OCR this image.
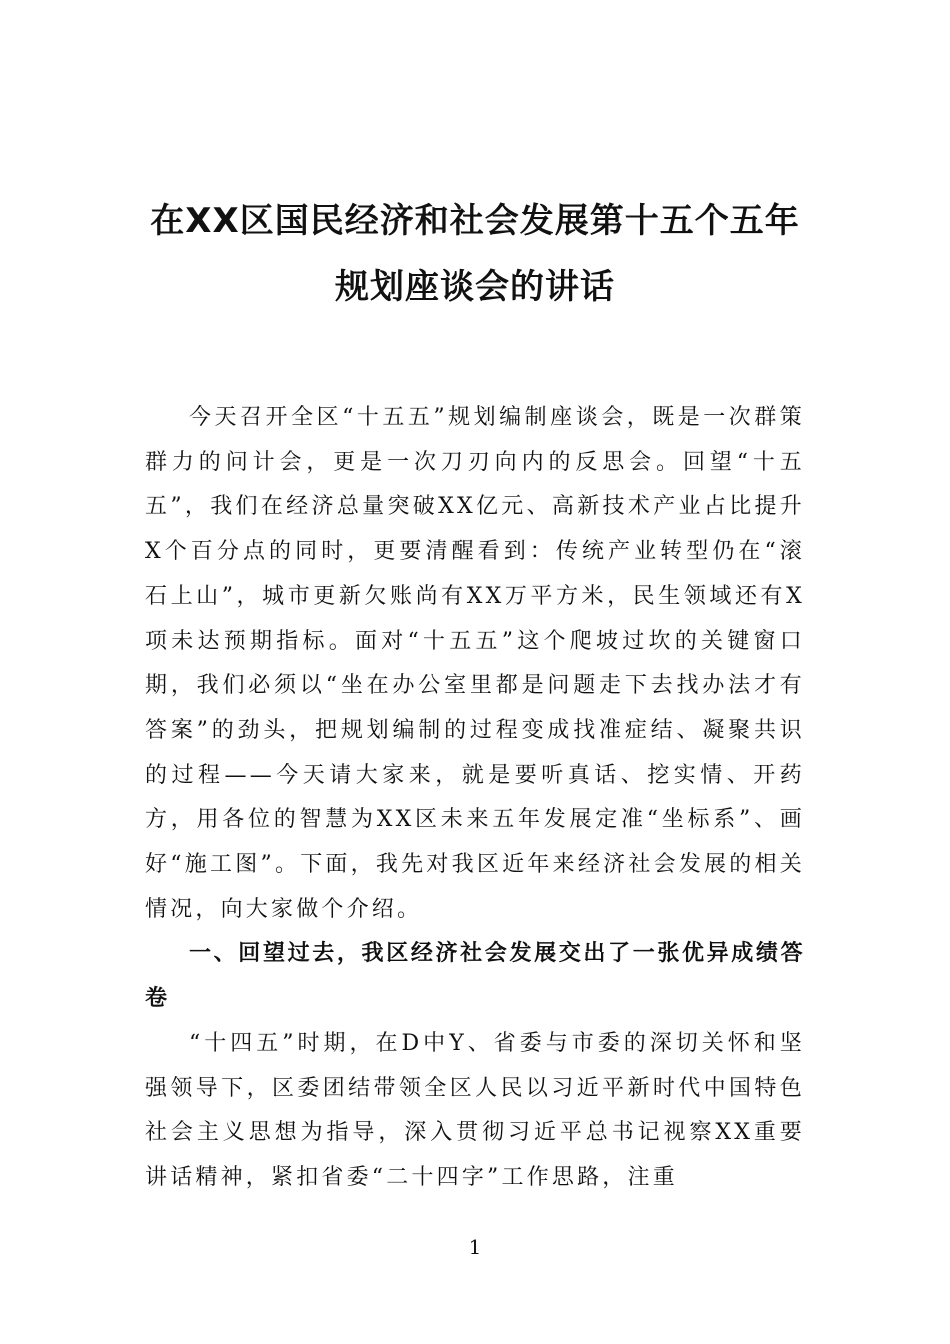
在XX区国民经济和社会发展第十五个五年
规划座谈会的讲话

今天召开全区“十五五”规划编制座谈会，既是一次群策群力的问计会，更是一次刀刃向内的反思会。回望“十五五”，我们在经济总量突破XX亿元、高新技术产业占比提升X个百分点的同时，更要清醒看到：传统产业转型仍在“滚石上山”，城市更新欠账尚有XX万平方米，民生领域还有X项未达预期指标。面对“十五五”这个爬坡过坎的关键窗口期，我们必须以“坐在办公室里都是问题走下去找办法才有答案”的劲头，把规划编制的过程变成找准症结、凝聚共识的过程——今天请大家来，就是要听真话、挖实情、开药方，用各位的智慧为XX区未来五年发展定准“坐标系”、画好“施工图”。下面，我先对我区近年来经济社会发展的相关情况，向大家做个介绍。

一、回望过去，我区经济社会发展交出了一张优异成绩答卷

“十四五”时期，在D中Y、省委与市委的深切关怀和坚强领导下，区委团结带领全区人民以习近平新时代中国特色社会主义思想为指导，深入贯彻习近平总书记视察XX重要讲话精神，紧扣省委“二十四字”工作思路，注重

1
